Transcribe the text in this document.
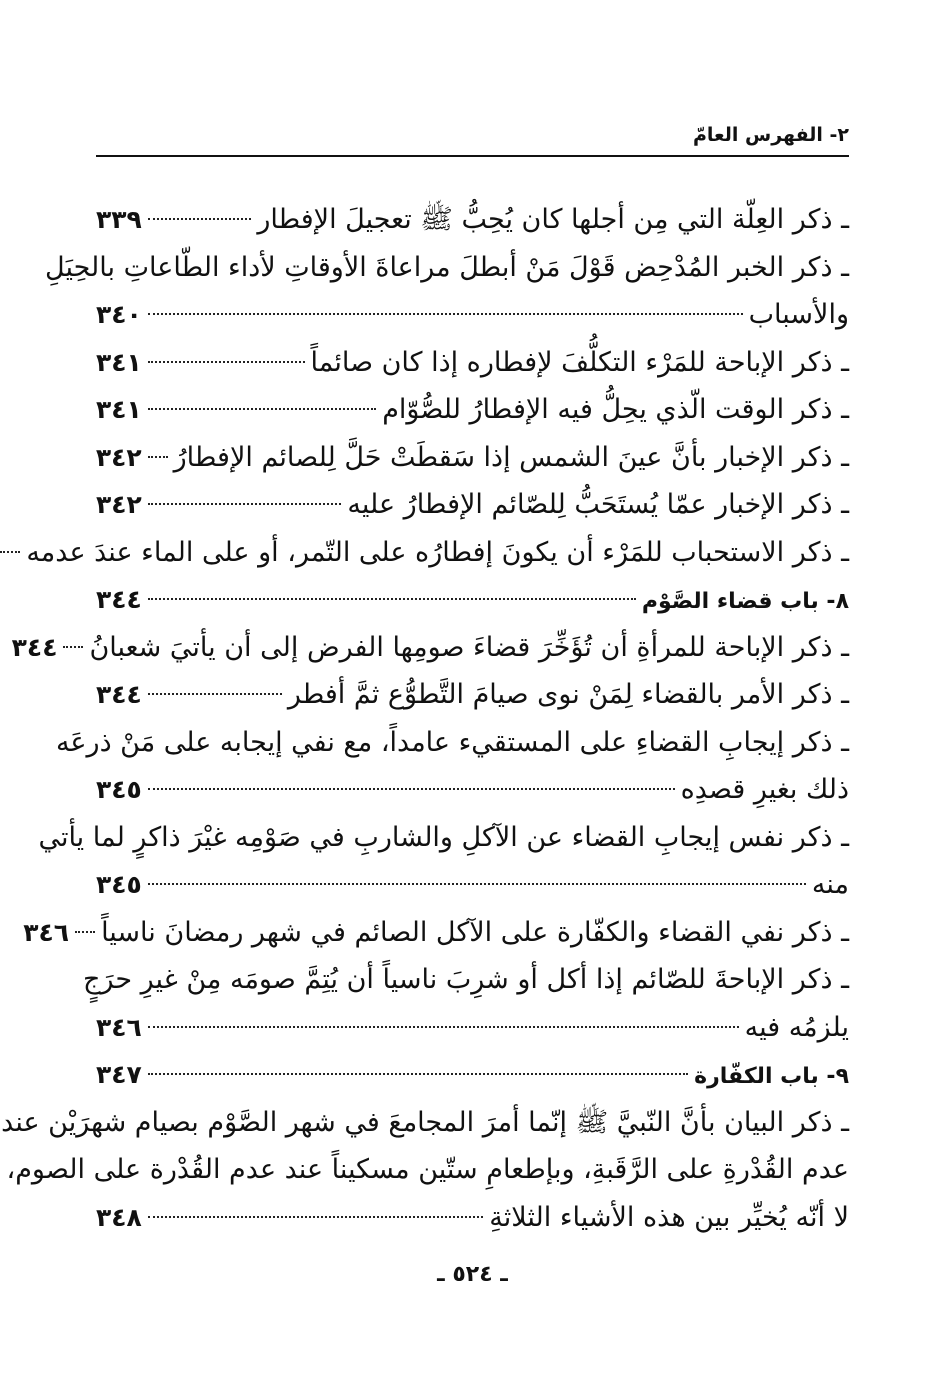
٢- الفهرس العامّ
ـ ذكر العِلّة التي مِن أجلها كان يُحِبُّ ﷺ تعجيلَ الإفطار
٣٣٩
ـ ذكر الخبر المُدْحِض قَوْلَ مَنْ أبطلَ مراعاةَ الأوقاتِ لأداء الطّاعاتِ بالحِيَلِ
والأسباب
٣٤٠
ـ ذكر الإباحة للمَرْء التكلُّفَ لإفطاره إذا كان صائماً
٣٤١
ـ ذكر الوقت الّذي يحِلُّ فيه الإفطارُ للصُّوّام
٣٤١
ـ ذكر الإخبار بأنَّ عينَ الشمس إذا سَقطَتْ حَلَّ لِلصائم الإفطارُ
٣٤٢
ـ ذكر الإخبار عمّا يُستَحَبُّ لِلصّائم الإفطارُ عليه
٣٤٢
ـ ذكر الاستحباب للمَرْء أن يكونَ إفطارُه على التّمر، أو على الماء عندَ عدمه
٨- باب قضاء الصَّوْم
٣٤٤
ـ ذكر الإباحة للمرأةِ أن تُؤَخِّرَ قضاءَ صومِها الفرض إلى أن يأتيَ شعبانُ
٣٤٤
ـ ذكر الأمر بالقضاء لِمَنْ نوى صيامَ التَّطوُّع ثمَّ أفطر
٣٤٤
ـ ذكر إيجابِ القضاءِ على المستقيء عامداً، مع نفي إيجابه على مَنْ ذرعَه
ذلك بغيرِ قصدِه
٣٤٥
ـ ذكر نفس إيجابِ القضاء عن الآكلِ والشاربِ في صَوْمِه غيْرَ ذاكرٍ لما يأتي
منه
٣٤٥
ـ ذكر نفي القضاء والكفّارة على الآكل الصائم في شهر رمضانَ ناسياً
٣٤٦
ـ ذكر الإباحةَ للصّائم إذا أكل أو شرِبَ ناسياً أن يُتِمَّ صومَه مِنْ غيرِ حرَجٍ
يلزمُه فيه
٣٤٦
٩- باب الكفّارة
٣٤٧
ـ ذكر البيان بأنَّ النّبيَّ ﷺ إنّما أمرَ المجامعَ في شهر الصَّوْم بصيام شهرَيْن عند
عدم القُدْرةِ على الرَّقَبةِ، وبإطعامِ ستّين مسكيناً عند عدم القُدْرة على الصوم،
لا أنّه يُخيِّر بين هذه الأشياء الثلاثةِ
٣٤٨
ـ ٥٢٤ ـ
